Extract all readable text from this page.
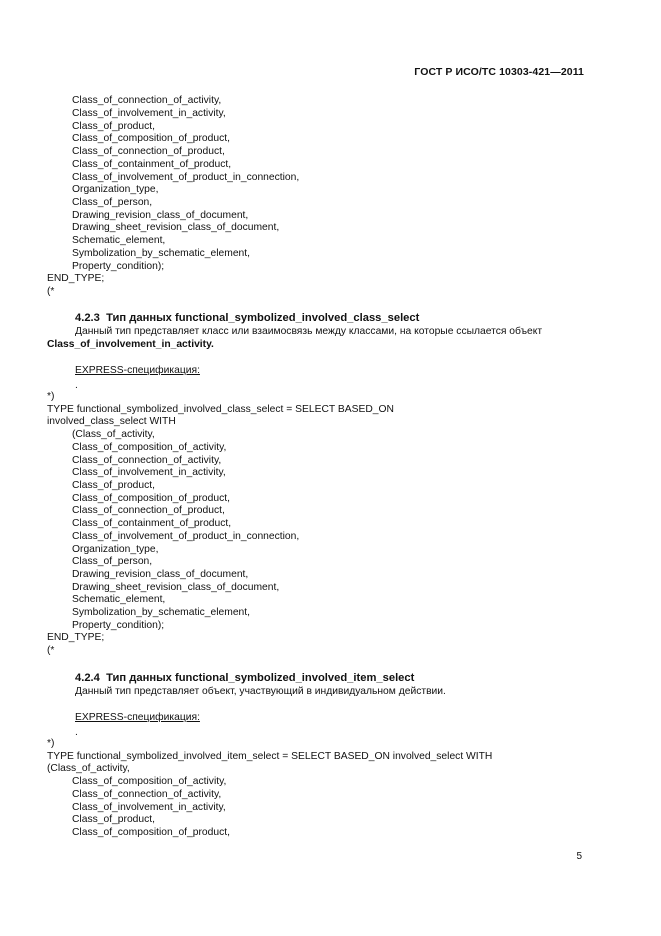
ГОСТ Р ИСО/ТС 10303-421—2011
Class_of_connection_of_activity,
Class_of_involvement_in_activity,
Class_of_product,
Class_of_composition_of_product,
Class_of_connection_of_product,
Class_of_containment_of_product,
Class_of_involvement_of_product_in_connection,
Organization_type,
Class_of_person,
Drawing_revision_class_of_document,
Drawing_sheet_revision_class_of_document,
Schematic_element,
Symbolization_by_schematic_element,
Property_condition);
END_TYPE;
(*
4.2.3 Тип данных functional_symbolized_involved_class_select
Данный тип представляет класс или взаимосвязь между классами, на которые ссылается объект
Class_of_involvement_in_activity.
EXPRESS-спецификация:
.
*)
TYPE functional_symbolized_involved_class_select = SELECT BASED_ON
involved_class_select WITH
(Class_of_activity,
Class_of_composition_of_activity,
Class_of_connection_of_activity,
Class_of_involvement_in_activity,
Class_of_product,
Class_of_composition_of_product,
Class_of_connection_of_product,
Class_of_containment_of_product,
Class_of_involvement_of_product_in_connection,
Organization_type,
Class_of_person,
Drawing_revision_class_of_document,
Drawing_sheet_revision_class_of_document,
Schematic_element,
Symbolization_by_schematic_element,
Property_condition);
END_TYPE;
(*
4.2.4 Тип данных functional_symbolized_involved_item_select
Данный тип представляет объект, участвующий в индивидуальном действии.
EXPRESS-спецификация:
.
*)
TYPE functional_symbolized_involved_item_select = SELECT BASED_ON involved_select WITH
(Class_of_activity,
Class_of_composition_of_activity,
Class_of_connection_of_activity,
Class_of_involvement_in_activity,
Class_of_product,
Class_of_composition_of_product,
5
